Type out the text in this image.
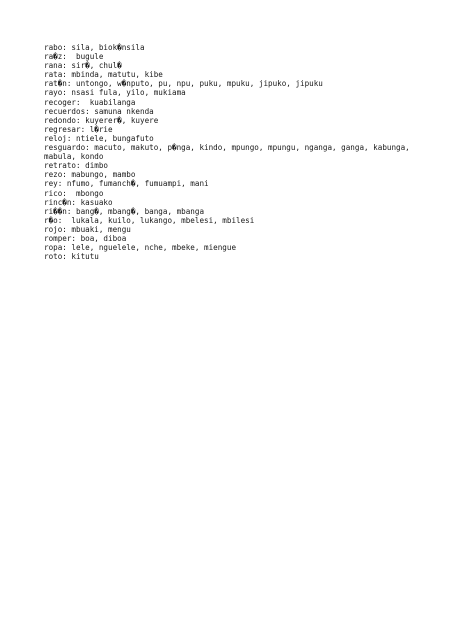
rabo: sila, biok�nsila
ra�z:  bugule
rana: sir�, chul�
rata: mbinda, matutu, kibe
rat�n: untongo, w�nputo, pu, npu, puku, mpuku, jipuko, jipuku
rayo: nsasi fula, yilo, mukiama
recoger:  kuabilanga
recuerdos: samuna nkenda
redondo: kuyerer�, kuyere
regresar: l�rie
reloj: ntiele, bungafuto
resguardo: macuto, makuto, p�nga, kindo, mpungo, mpungu, nganga, ganga, kabunga, mabula, kondo
retrato: dimbo
rezo: mabungo, mambo
rey: nfumo, fumanch�, fumuampi, mani
rico:  mbongo
rinc�n: kasuako
ri��n: bang�, mbang�, banga, mbanga
r�o:  lukala, kuilo, lukango, mbelesi, mbilesi
rojo: mbuaki, mengu
romper: boa, diboa
ropa: lele, nguelele, nche, mbeke, miengue
roto: kitutu
